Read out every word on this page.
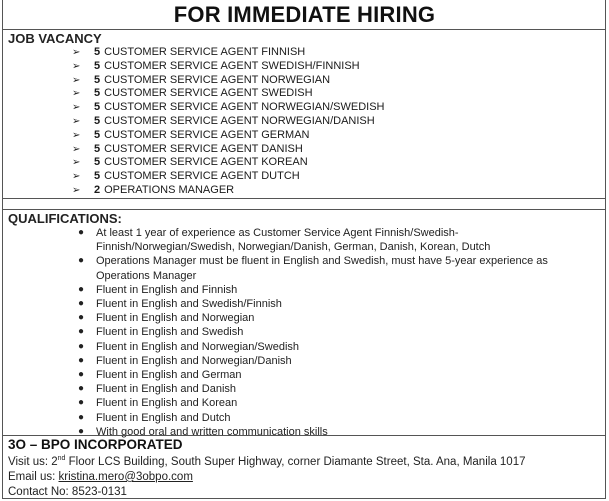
FOR IMMEDIATE HIRING
JOB VACANCY
➢	5 CUSTOMER SERVICE AGENT FINNISH
➢	5 CUSTOMER SERVICE AGENT SWEDISH/FINNISH
➢	5 CUSTOMER SERVICE AGENT NORWEGIAN
➢	5 CUSTOMER SERVICE AGENT SWEDISH
➢	5 CUSTOMER SERVICE AGENT NORWEGIAN/SWEDISH
➢	5 CUSTOMER SERVICE AGENT NORWEGIAN/DANISH
➢	5 CUSTOMER SERVICE AGENT GERMAN
➢	5 CUSTOMER SERVICE AGENT DANISH
➢	5 CUSTOMER SERVICE AGENT KOREAN
➢	5 CUSTOMER SERVICE AGENT DUTCH
➢	2 OPERATIONS MANAGER
QUALIFICATIONS:
● At least 1 year of experience as Customer Service Agent Finnish/Swedish-Finnish/Norwegian/Swedish, Norwegian/Danish, German, Danish, Korean, Dutch
● Operations Manager must be fluent in English and Swedish, must have 5-year experience as Operations Manager
● Fluent in English and Finnish
● Fluent in English and Swedish/Finnish
● Fluent in English and Norwegian
● Fluent in English and Swedish
● Fluent in English and Norwegian/Swedish
● Fluent in English and Norwegian/Danish
● Fluent in English and German
● Fluent in English and Danish
● Fluent in English and Korean
● Fluent in English and Dutch
● With good oral and written communication skills
3O – BPO INCORPORATED
Visit us: 2nd Floor LCS Building, South Super Highway, corner Diamante Street, Sta. Ana, Manila 1017
Email us: kristina.mero@3obpo.com
Contact No: 8523-0131
